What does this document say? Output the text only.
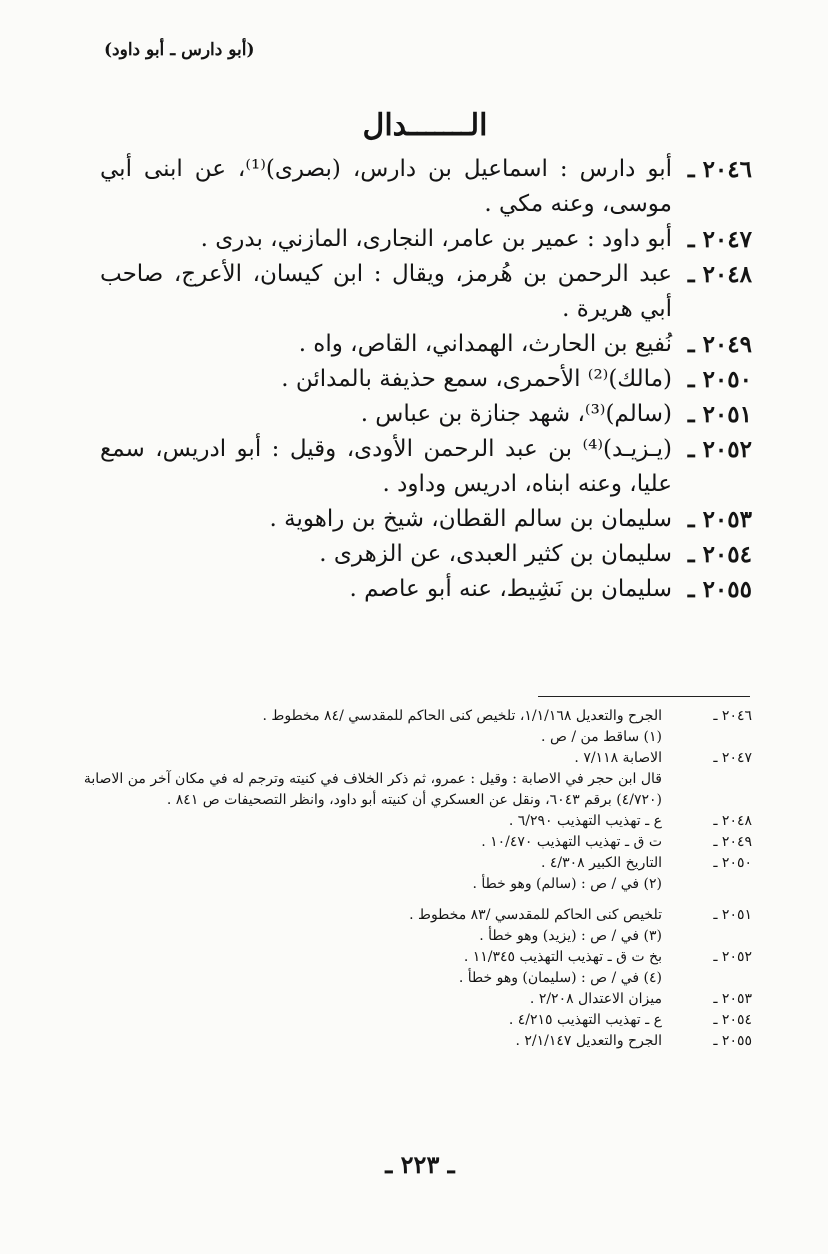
(أبو دارس ـ أبو داود)
الـــــــدال
٢٠٤٦ ـ
أبو دارس : اسماعيل بن دارس، (بصرى)⁽¹⁾، عن ابنى أبي موسى، وعنه مكي .
٢٠٤٧ ـ
أبو داود : عمير بن عامر، النجارى، المازني، بدرى .
٢٠٤٨ ـ
عبد الرحمن بن هُرمز، ويقال : ابن كيسان، الأعرج، صاحب أبي هريرة .
٢٠٤٩ ـ
نُفيع بن الحارث، الهمداني، القاص، واه .
٢٠٥٠ ـ
(مالك)⁽²⁾ الأحمرى، سمع حذيفة بالمدائن .
٢٠٥١ ـ
(سالم)⁽³⁾، شهد جنازة بن عباس .
٢٠٥٢ ـ
(يـزيـد)⁽⁴⁾ بن عبد الرحمن الأودى، وقيل : أبو ادريس، سمع عليا، وعنه ابناه، ادريس وداود .
٢٠٥٣ ـ
سليمان بن سالم القطان، شيخ بن راهوية .
٢٠٥٤ ـ
سليمان بن كثير العبدى، عن الزهرى .
٢٠٥٥ ـ
سليمان بن نَشِيط، عنه أبو عاصم .
٢٠٤٦ ـ
الجرح والتعديل ١/١/١٦٨، تلخيص كنى الحاكم للمقدسي /٨٤ مخطوط .
(١) ساقط من / ص .
٢٠٤٧ ـ
الاصابة ٧/١١٨ .
قال ابن حجر في الاصابة : وقيل : عمرو، ثم ذكر الخلاف في كنيته وترجم له في مكان آخر من الاصابة
(٤/٧٢٠) برقم ٦٠٤٣، ونقل عن العسكري أن كنيته أبو داود، وانظر التصحيفات ص ٨٤١ .
٢٠٤٨ ـ
ع ـ تهذيب التهذيب ٦/٢٩٠ .
٢٠٤٩ ـ
ت ق ـ تهذيب التهذيب ١٠/٤٧٠ .
٢٠٥٠ ـ
التاريخ الكبير ٤/٣٠٨ .
(٢) في / ص : (سالم) وهو خطأ .
٢٠٥١ ـ
تلخيص كنى الحاكم للمقدسي /٨٣ مخطوط .
(٣) في / ص : (يزيد) وهو خطأ .
٢٠٥٢ ـ
بخ ت ق ـ تهذيب التهذيب ١١/٣٤٥ .
(٤) في / ص : (سليمان) وهو خطأ .
٢٠٥٣ ـ
ميزان الاعتدال ٢/٢٠٨ .
٢٠٥٤ ـ
ع ـ تهذيب التهذيب ٤/٢١٥ .
٢٠٥٥ ـ
الجرح والتعديل ٢/١/١٤٧ .
ـ ٢٢٣ ـ
